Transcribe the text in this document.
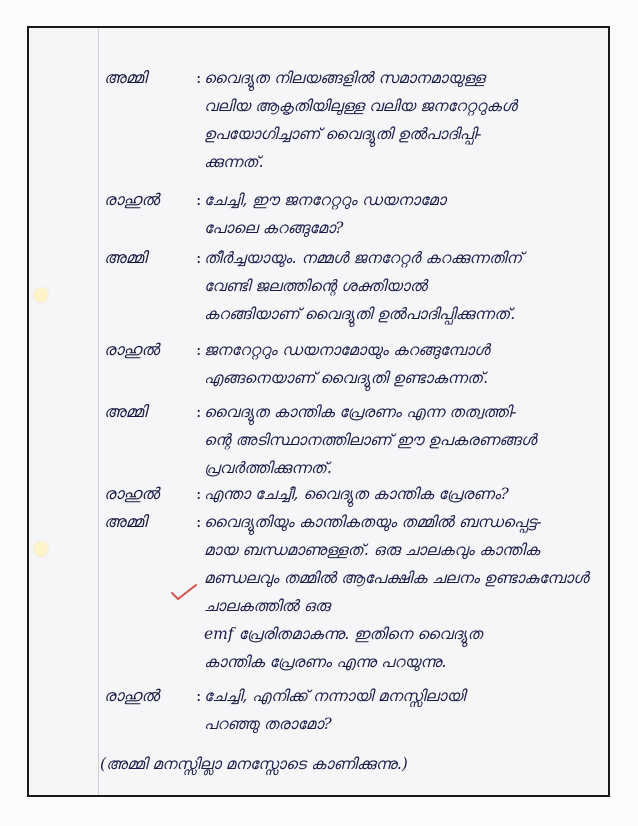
അമ്മി	: വൈദ്യുത നിലയങ്ങളിൽ സമാനമായുള്ള
വലിയ ആകൃതിയിലുള്ള വലിയ ജനറേറ്ററുകൾ
ഉപയോഗിച്ചാണ് വൈദ്യുതി ഉൽപാദിപ്പി-
ക്കുന്നത്.
രാഹുൽ	: ചേച്ചി, ഈ ജനറേറ്ററും ഡയനാമോ
പോലെ കറങ്ങുമോ?
അമ്മി	: തീർച്ചയായും. നമ്മൾ ജനറേറ്റർ കറക്കുന്നതിന്
വേണ്ടി ജലത്തിന്റെ ശക്തിയാൽ
കറങ്ങിയാണ് വൈദ്യുതി ഉൽപാദിപ്പിക്കുന്നത്.
രാഹുൽ	: ജനറേറ്ററും ഡയനാമോയും കറങ്ങുമ്പോൾ
എങ്ങനെയാണ് വൈദ്യുതി ഉണ്ടാകുന്നത്.
അമ്മി	: വൈദ്യുത കാന്തിക പ്രേരണം എന്ന തത്വത്തി-
ന്റെ അടിസ്ഥാനത്തിലാണ് ഈ ഉപകരണങ്ങൾ
പ്രവർത്തിക്കുന്നത്.
രാഹുൽ	: എന്താ ചേച്ചീ, വൈദ്യുത കാന്തിക പ്രേരണം?
അമ്മി	: വൈദ്യുതിയും കാന്തികതയും തമ്മിൽ ബന്ധപ്പെട്ട-
മായ ബന്ധമാണുള്ളത്. ഒരു ചാലകവും കാന്തിക
മണ്ഡലവും തമ്മിൽ ആപേക്ഷിക ചലനം ഉണ്ടാകുമ്പോൾ
ചാലകത്തിൽ ഒരു
emf പ്രേരിതമാകുന്നു. ഇതിനെ വൈദ്യുത
കാന്തിക പ്രേരണം എന്നു പറയുന്നു.
രാഹുൽ	: ചേച്ചി, എനിക്ക് നന്നായി മനസ്സിലായി
പറഞ്ഞു തരാമോ?
(അമ്മി മനസ്സില്ലാ മനസ്സോടെ കാണിക്കുന്നു.)
